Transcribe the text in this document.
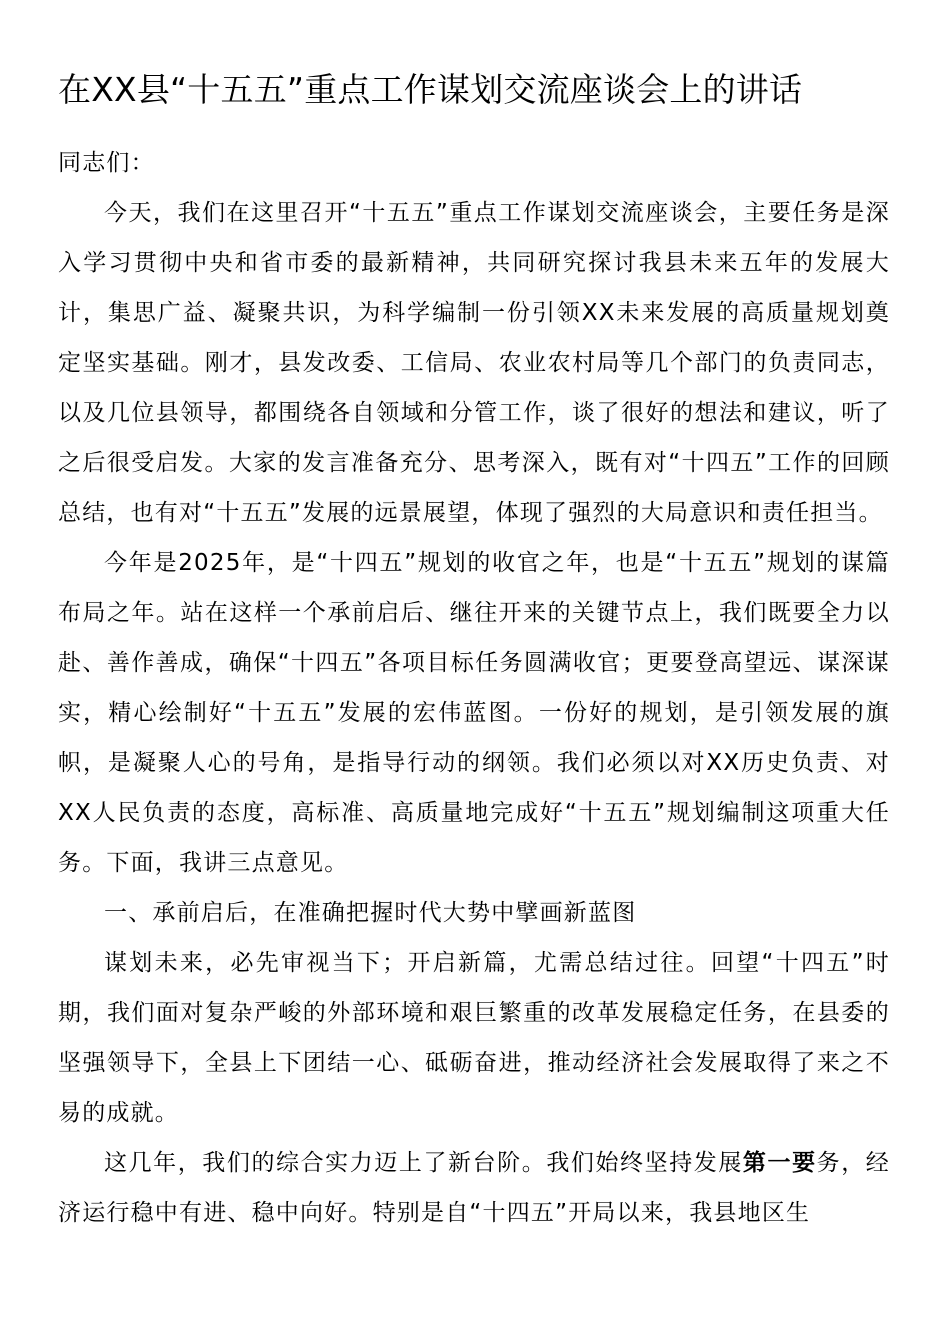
在XX县“十五五”重点工作谋划交流座谈会上的讲话

同志们：

今天，我们在这里召开“十五五”重点工作谋划交流座谈会，主要任务是深入学习贯彻中央和省市委的最新精神，共同研究探讨我县未来五年的发展大计，集思广益、凝聚共识，为科学编制一份引领XX未来发展的高质量规划奠定坚实基础。刚才，县发改委、工信局、农业农村局等几个部门的负责同志，以及几位县领导，都围绕各自领域和分管工作，谈了很好的想法和建议，听了之后很受启发。大家的发言准备充分、思考深入，既有对“十四五”工作的回顾总结，也有对“十五五”发展的远景展望，体现了强烈的大局意识和责任担当。

今年是2025年，是“十四五”规划的收官之年，也是“十五五”规划的谋篇布局之年。站在这样一个承前启后、继往开来的关键节点上，我们既要全力以赴、善作善成，确保“十四五”各项目标任务圆满收官；更要登高望远、谋深谋实，精心绘制好“十五五”发展的宏伟蓝图。一份好的规划，是引领发展的旗帜，是凝聚人心的号角，是指导行动的纲领。我们必须以对XX历史负责、对XX人民负责的态度，高标准、高质量地完成好“十五五”规划编制这项重大任务。下面，我讲三点意见。

一、承前启后，在准确把握时代大势中擘画新蓝图

谋划未来，必先审视当下；开启新篇，尤需总结过往。回望“十四五”时期，我们面对复杂严峻的外部环境和艰巨繁重的改革发展稳定任务，在县委的坚强领导下，全县上下团结一心、砥砺奋进，推动经济社会发展取得了来之不易的成就。

这几年，我们的综合实力迈上了新台阶。我们始终坚持发展第一要务，经济运行稳中有进、稳中向好。特别是自“十四五”开局以来，我县地区生
